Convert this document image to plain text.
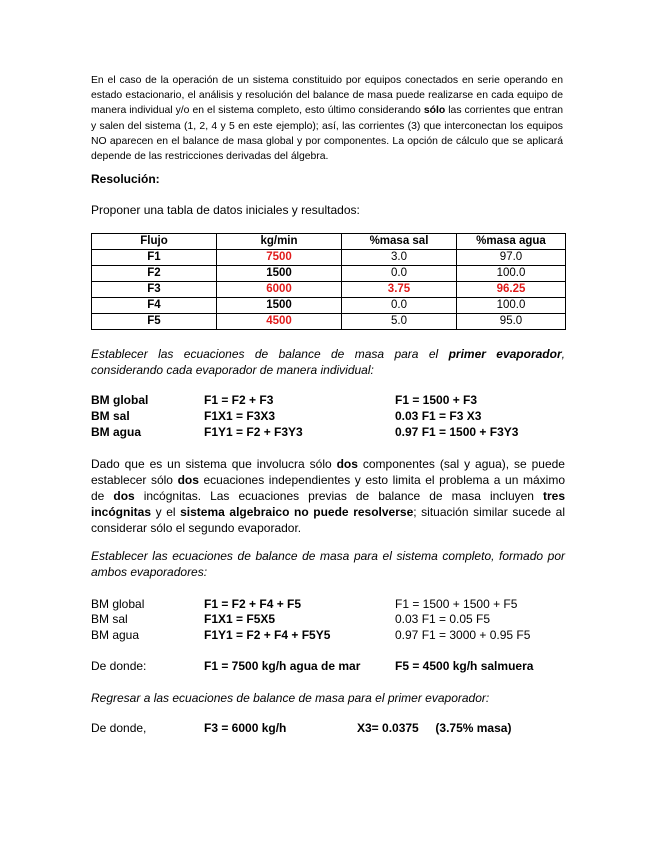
En el caso de la operación de un sistema constituido por equipos conectados en serie operando en estado estacionario, el análisis y resolución del balance de masa puede realizarse en cada equipo de manera individual y/o en el sistema completo, esto último considerando sólo las corrientes que entran y salen del sistema (1, 2, 4 y 5 en este ejemplo); así, las corrientes (3) que interconectan los equipos NO aparecen en el balance de masa global y por componentes. La opción de cálculo que se aplicará depende de las restricciones derivadas del álgebra.
Resolución:
Proponer una tabla de datos iniciales y resultados:
Flujo	kg/min	%masa sal	%masa agua
F1	7500	3.0	97.0
F2	1500	0.0	100.0
F3	6000	3.75	96.25
F4	1500	0.0	100.0
F5	4500	5.0	95.0
Establecer las ecuaciones de balance de masa para el primer evaporador, considerando cada evaporador de manera individual:
BM global	F1 = F2 + F3	F1 = 1500 + F3
BM sal	F1X1 = F3X3	0.03 F1 = F3 X3
BM agua	F1Y1 = F2 + F3Y3	0.97 F1 = 1500 + F3Y3
Dado que es un sistema que involucra sólo dos componentes (sal y agua), se puede establecer sólo dos ecuaciones independientes y esto limita el problema a un máximo de dos incógnitas. Las ecuaciones previas de balance de masa incluyen tres incógnitas y el sistema algebraico no puede resolverse; situación similar sucede al considerar sólo el segundo evaporador.
Establecer las ecuaciones de balance de masa para el sistema completo, formado por ambos evaporadores:
BM global	F1 = F2 + F4 + F5	F1 = 1500 + 1500 + F5
BM sal	F1X1 = F5X5	0.03 F1 = 0.05 F5
BM agua	F1Y1 = F2 + F4 + F5Y5	0.97 F1 = 3000 + 0.95 F5
De donde:	F1 = 7500 kg/h agua de mar	F5 = 4500 kg/h salmuera
Regresar a las ecuaciones de balance de masa para el primer evaporador:
De donde,	F3 = 6000 kg/h	X3= 0.0375     (3.75% masa)
